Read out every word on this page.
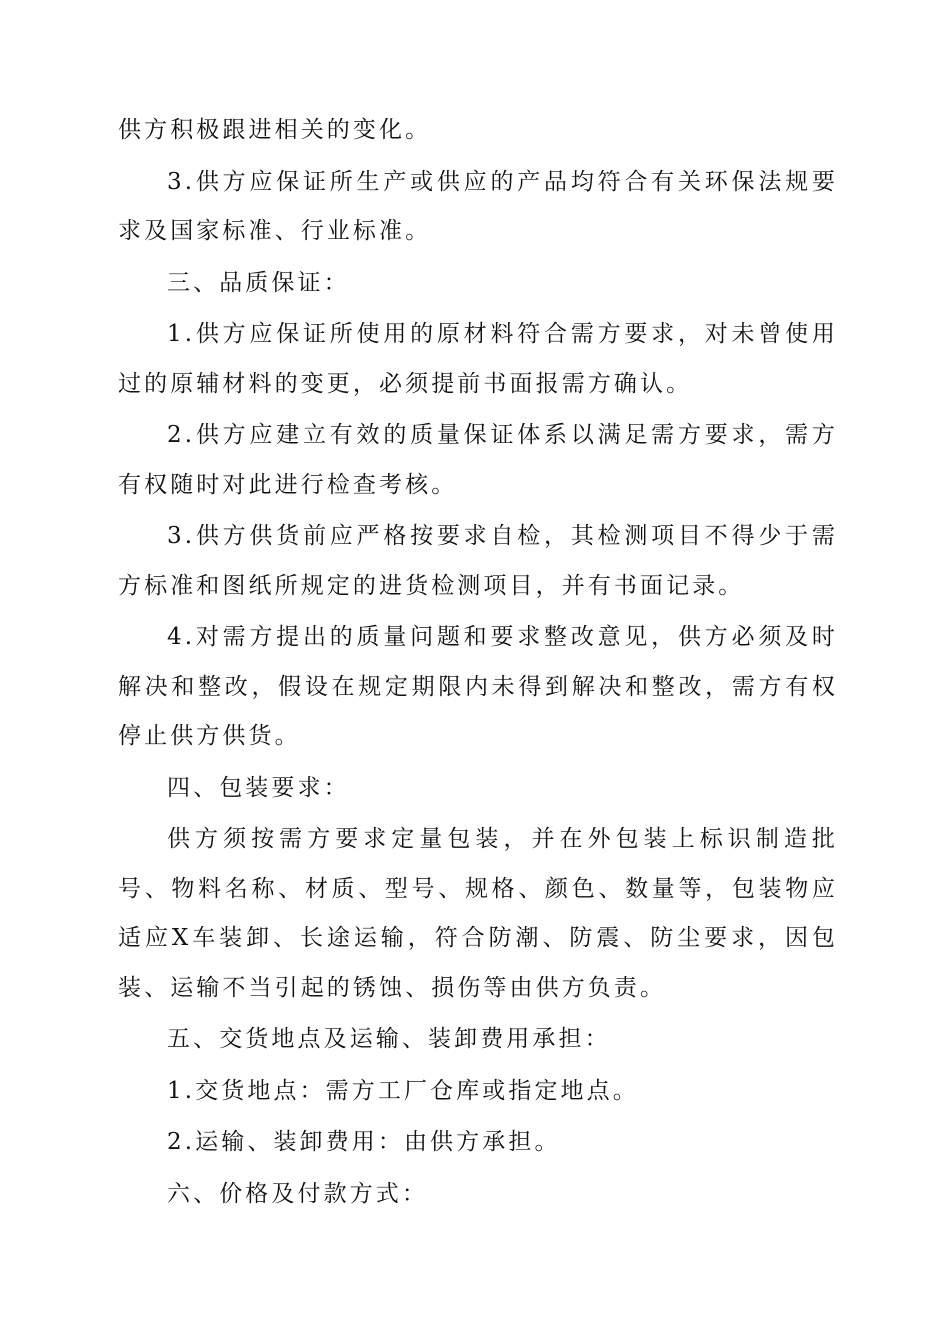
供方积极跟进相关的变化。

3.供方应保证所生产或供应的产品均符合有关环保法规要求及国家标准、行业标准。

三、品质保证：

1.供方应保证所使用的原材料符合需方要求，对未曾使用过的原辅材料的变更，必须提前书面报需方确认。

2.供方应建立有效的质量保证体系以满足需方要求，需方有权随时对此进行检查考核。

3.供方供货前应严格按要求自检，其检测项目不得少于需方标准和图纸所规定的进货检测项目，并有书面记录。

4.对需方提出的质量问题和要求整改意见，供方必须及时解决和整改，假设在规定期限内未得到解决和整改，需方有权停止供方供货。

四、包装要求：

供方须按需方要求定量包装，并在外包装上标识制造批号、物料名称、材质、型号、规格、颜色、数量等，包装物应适应X车装卸、长途运输，符合防潮、防震、防尘要求，因包装、运输不当引起的锈蚀、损伤等由供方负责。

五、交货地点及运输、装卸费用承担：

1.交货地点：需方工厂仓库或指定地点。

2.运输、装卸费用：由供方承担。

六、价格及付款方式：
